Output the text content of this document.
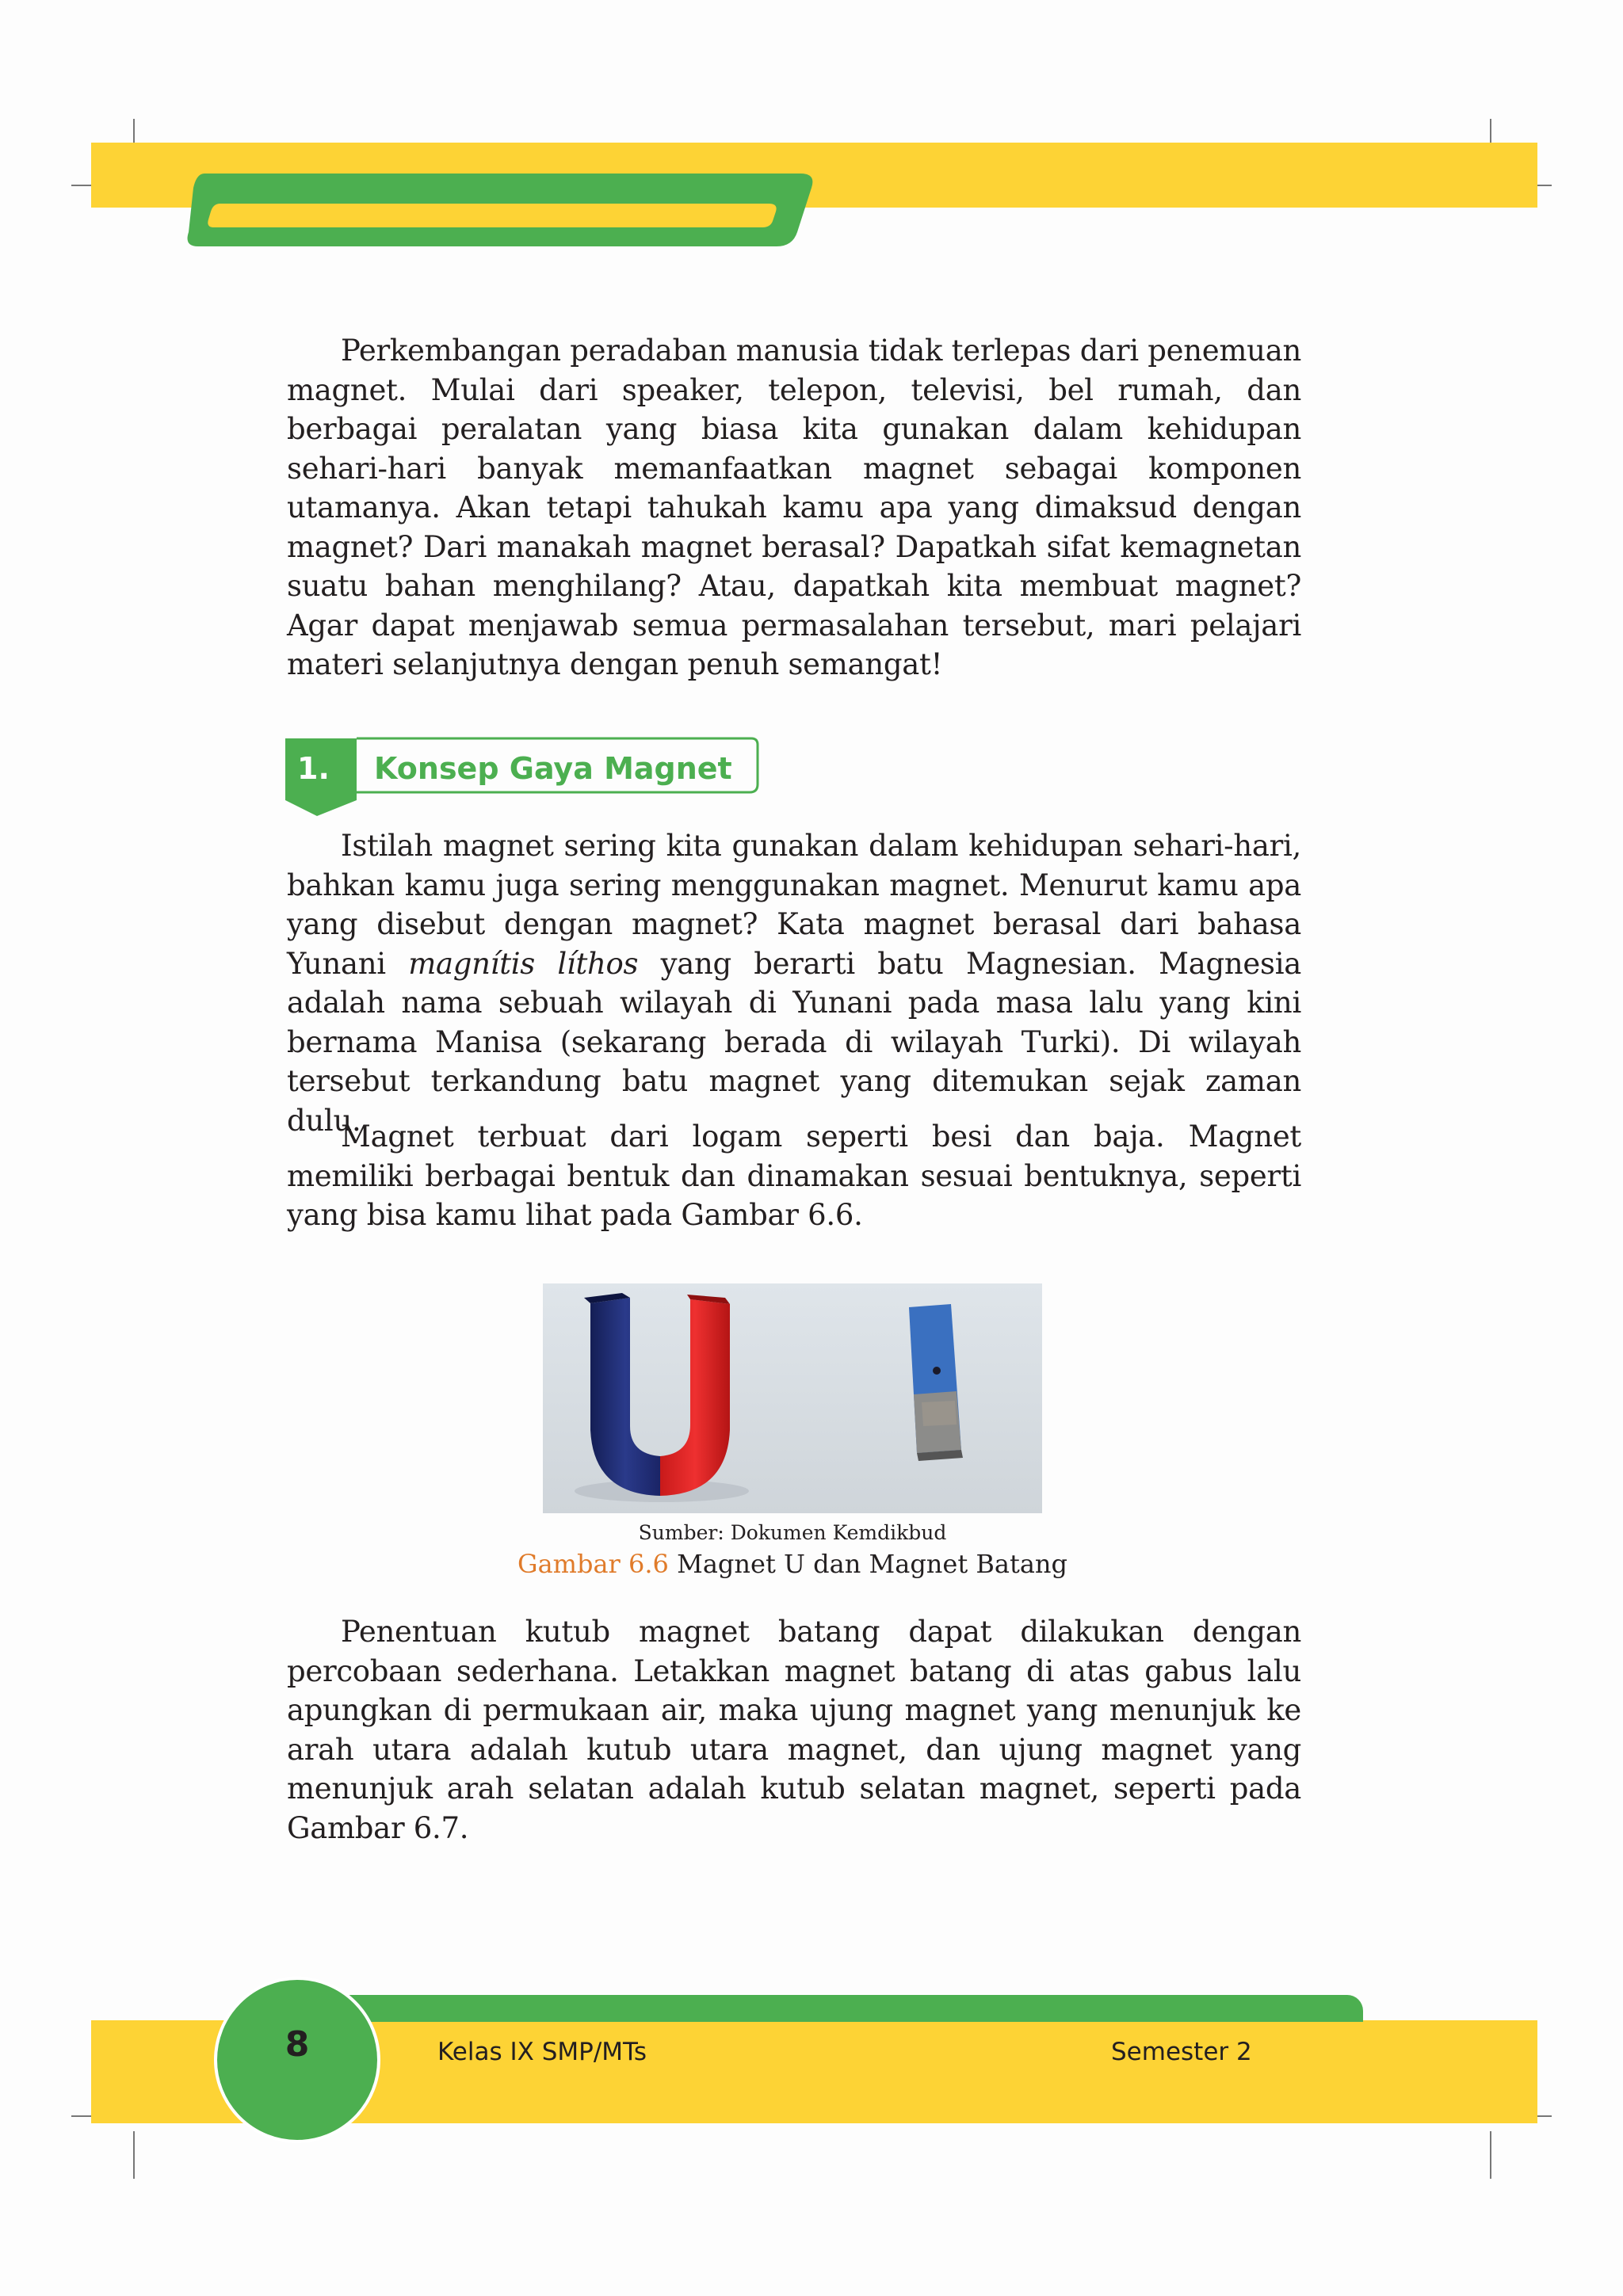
Perkembangan peradaban manusia tidak terlepas dari penemuan magnet. Mulai dari speaker, telepon, televisi, bel rumah, dan berbagai peralatan yang biasa kita gunakan dalam kehidupan sehari-hari banyak memanfaatkan magnet sebagai komponen utamanya. Akan tetapi tahukah kamu apa yang dimaksud dengan magnet? Dari manakah magnet berasal? Dapatkah sifat kemagnetan suatu bahan menghilang? Atau, dapatkah kita membuat magnet? Agar dapat menjawab semua permasalahan tersebut, mari pelajari materi selanjutnya dengan penuh semangat!

1. Konsep Gaya Magnet

Istilah magnet sering kita gunakan dalam kehidupan sehari-hari, bahkan kamu juga sering menggunakan magnet. Menurut kamu apa yang disebut dengan magnet? Kata magnet berasal dari bahasa Yunani magnítis líthos yang berarti batu Magnesian. Magnesia adalah nama sebuah wilayah di Yunani pada masa lalu yang kini bernama Manisa (sekarang berada di wilayah Turki). Di wilayah tersebut terkandung batu magnet yang ditemukan sejak zaman dulu.

Magnet terbuat dari logam seperti besi dan baja. Magnet memiliki berbagai bentuk dan dinamakan sesuai bentuknya, seperti yang bisa kamu lihat pada Gambar 6.6.

Sumber: Dokumen Kemdikbud
Gambar 6.6 Magnet U dan Magnet Batang

Penentuan kutub magnet batang dapat dilakukan dengan percobaan sederhana. Letakkan magnet batang di atas gabus lalu apungkan di permukaan air, maka ujung magnet yang menunjuk ke arah utara adalah kutub utara magnet, dan ujung magnet yang menunjuk arah selatan adalah kutub selatan magnet, seperti pada Gambar 6.7.

8	Kelas IX SMP/MTs	Semester 2
